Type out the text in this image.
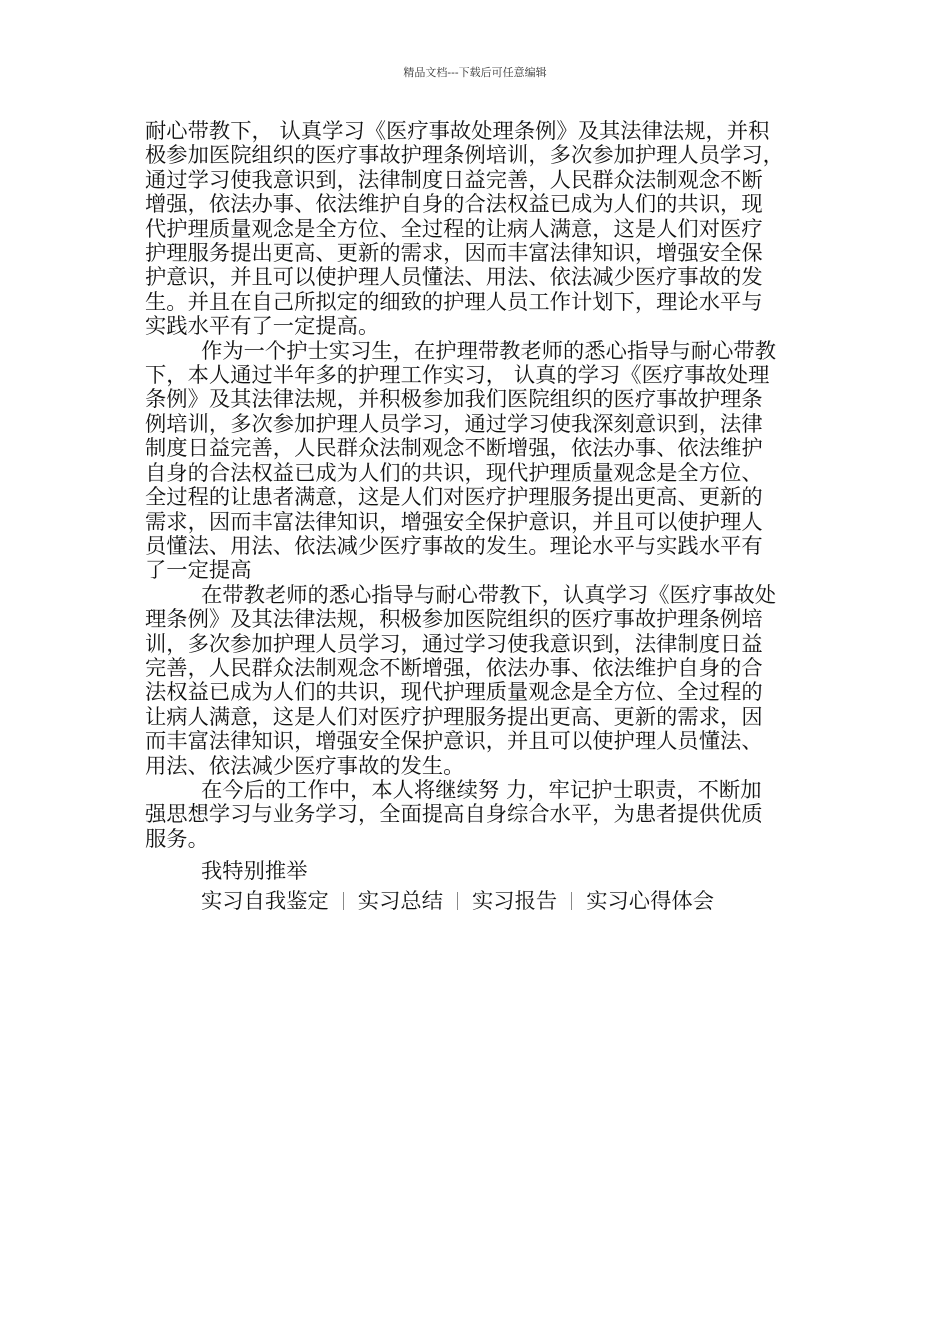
精品文档---下载后可任意编辑

耐心带教下， 认真学习《医疗事故处理条例》及其法律法规，并积
极参加医院组织的医疗事故护理条例培训，多次参加护理人员学习，
通过学习使我意识到，法律制度日益完善，人民群众法制观念不断
增强，依法办事、依法维护自身的合法权益已成为人们的共识，现
代护理质量观念是全方位、全过程的让病人满意，这是人们对医疗
护理服务提出更高、更新的需求，因而丰富法律知识，增强安全保
护意识，并且可以使护理人员懂法、用法、依法减少医疗事故的发
生。并且在自己所拟定的细致的护理人员工作计划下，理论水平与
实践水平有了一定提高。

作为一个护士实习生，在护理带教老师的悉心指导与耐心带教
下，本人通过半年多的护理工作实习， 认真的学习《医疗事故处理
条例》及其法律法规，并积极参加我们医院组织的医疗事故护理条
例培训，多次参加护理人员学习，通过学习使我深刻意识到，法律
制度日益完善，人民群众法制观念不断增强，依法办事、依法维护
自身的合法权益已成为人们的共识，现代护理质量观念是全方位、
全过程的让患者满意，这是人们对医疗护理服务提出更高、更新的
需求，因而丰富法律知识，增强安全保护意识，并且可以使护理人
员懂法、用法、依法减少医疗事故的发生。理论水平与实践水平有
了一定提高

在带教老师的悉心指导与耐心带教下，认真学习《医疗事故处
理条例》及其法律法规，积极参加医院组织的医疗事故护理条例培
训，多次参加护理人员学习，通过学习使我意识到，法律制度日益
完善，人民群众法制观念不断增强，依法办事、依法维护自身的合
法权益已成为人们的共识，现代护理质量观念是全方位、全过程的
让病人满意，这是人们对医疗护理服务提出更高、更新的需求，因
而丰富法律知识，增强安全保护意识，并且可以使护理人员懂法、
用法、依法减少医疗事故的发生。

在今后的工作中，本人将继续努 力，牢记护士职责，不断加
强思想学习与业务学习，全面提高自身综合水平，为患者提供优质
服务。

我特别推举
实习自我鉴定 实习总结 实习报告 实习心得体会
